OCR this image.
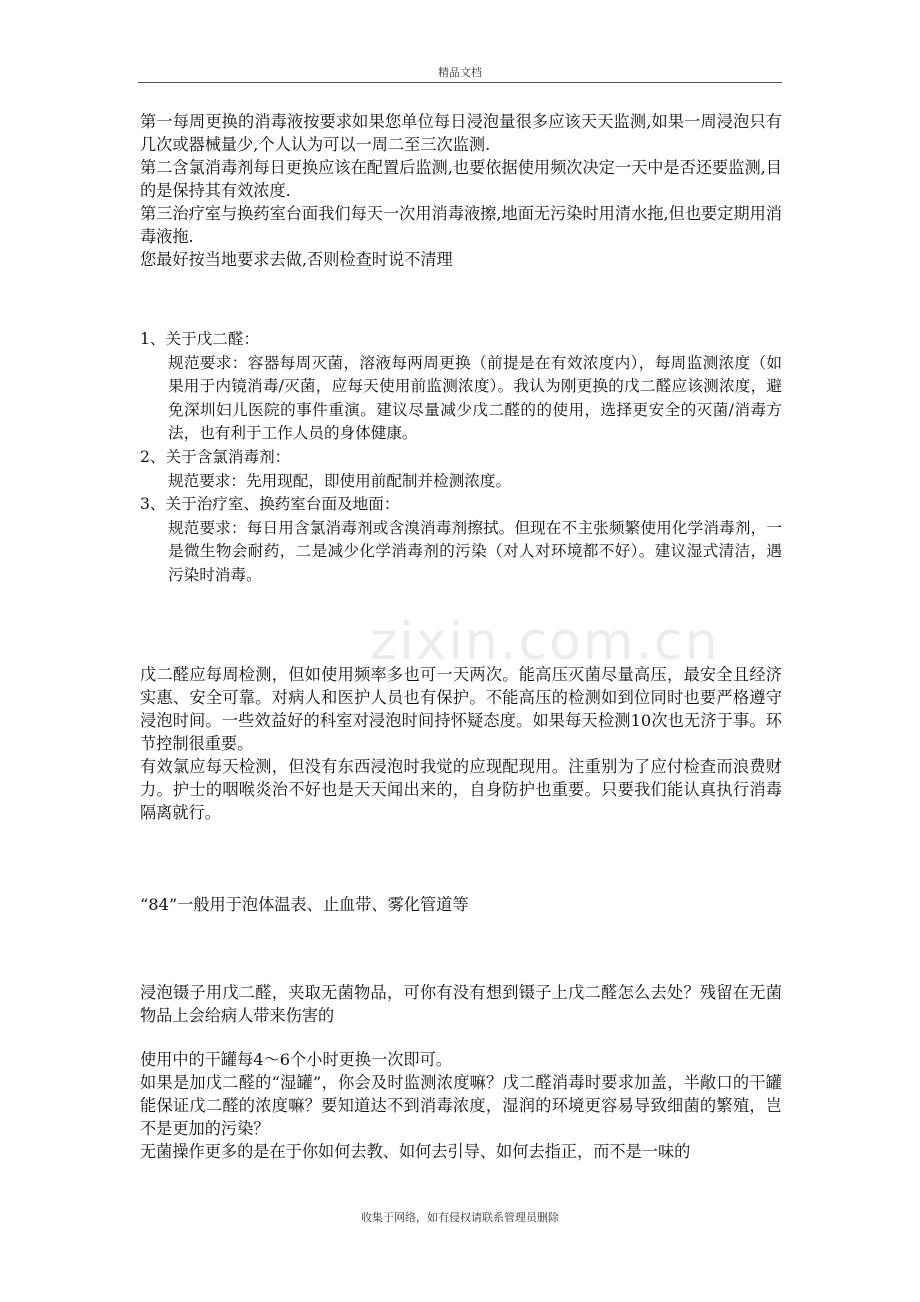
精品文档
zixin.com.cn
第一每周更换的消毒液按要求如果您单位每日浸泡量很多应该天天监测,如果一周浸泡只有几次或器械量少,个人认为可以一周二至三次监测.
第二含氯消毒剂每日更换应该在配置后监测,也要依据使用频次决定一天中是否还要监测,目的是保持其有效浓度.
第三治疗室与换药室台面我们每天一次用消毒液擦,地面无污染时用清水拖,但也要定期用消毒液拖.
您最好按当地要求去做,否则检查时说不清理
1、关于戊二醛：
规范要求：容器每周灭菌，溶液每两周更换（前提是在有效浓度内），每周监测浓度（如果用于内镜消毒/灭菌，应每天使用前监测浓度）。我认为刚更换的戊二醛应该测浓度，避免深圳妇儿医院的事件重演。建议尽量减少戊二醛的的使用，选择更安全的灭菌/消毒方法，也有利于工作人员的身体健康。
2、关于含氯消毒剂：
规范要求：先用现配，即使用前配制并检测浓度。
3、关于治疗室、换药室台面及地面：
规范要求：每日用含氯消毒剂或含溴消毒剂擦拭。但现在不主张频繁使用化学消毒剂，一是微生物会耐药，二是减少化学消毒剂的污染（对人对环境都不好）。建议湿式清洁，遇污染时消毒。
戊二醛应每周检测，但如使用频率多也可一天两次。能高压灭菌尽量高压，最安全且经济实惠、安全可靠。对病人和医护人员也有保护。不能高压的检测如到位同时也要严格遵守浸泡时间。一些效益好的科室对浸泡时间持怀疑态度。如果每天检测10次也无济于事。环节控制很重要。
有效氯应每天检测，但没有东西浸泡时我觉的应现配现用。注重别为了应付检查而浪费财力。护士的咽喉炎治不好也是天天闻出来的，自身防护也重要。只要我们能认真执行消毒隔离就行。
“84”一般用于泡体温表、止血带、雾化管道等
浸泡镊子用戊二醛，夹取无菌物品，可你有没有想到镊子上戊二醛怎么去处？残留在无菌物品上会给病人带来伤害的
使用中的干罐每4～6个小时更换一次即可。
如果是加戊二醛的“湿罐”，你会及时监测浓度嘛？戊二醛消毒时要求加盖，半敞口的干罐能保证戊二醛的浓度嘛？要知道达不到消毒浓度，湿润的环境更容易导致细菌的繁殖，岂不是更加的污染？
无菌操作更多的是在于你如何去教、如何去引导、如何去指正，而不是一味的
收集于网络，如有侵权请联系管理员删除
